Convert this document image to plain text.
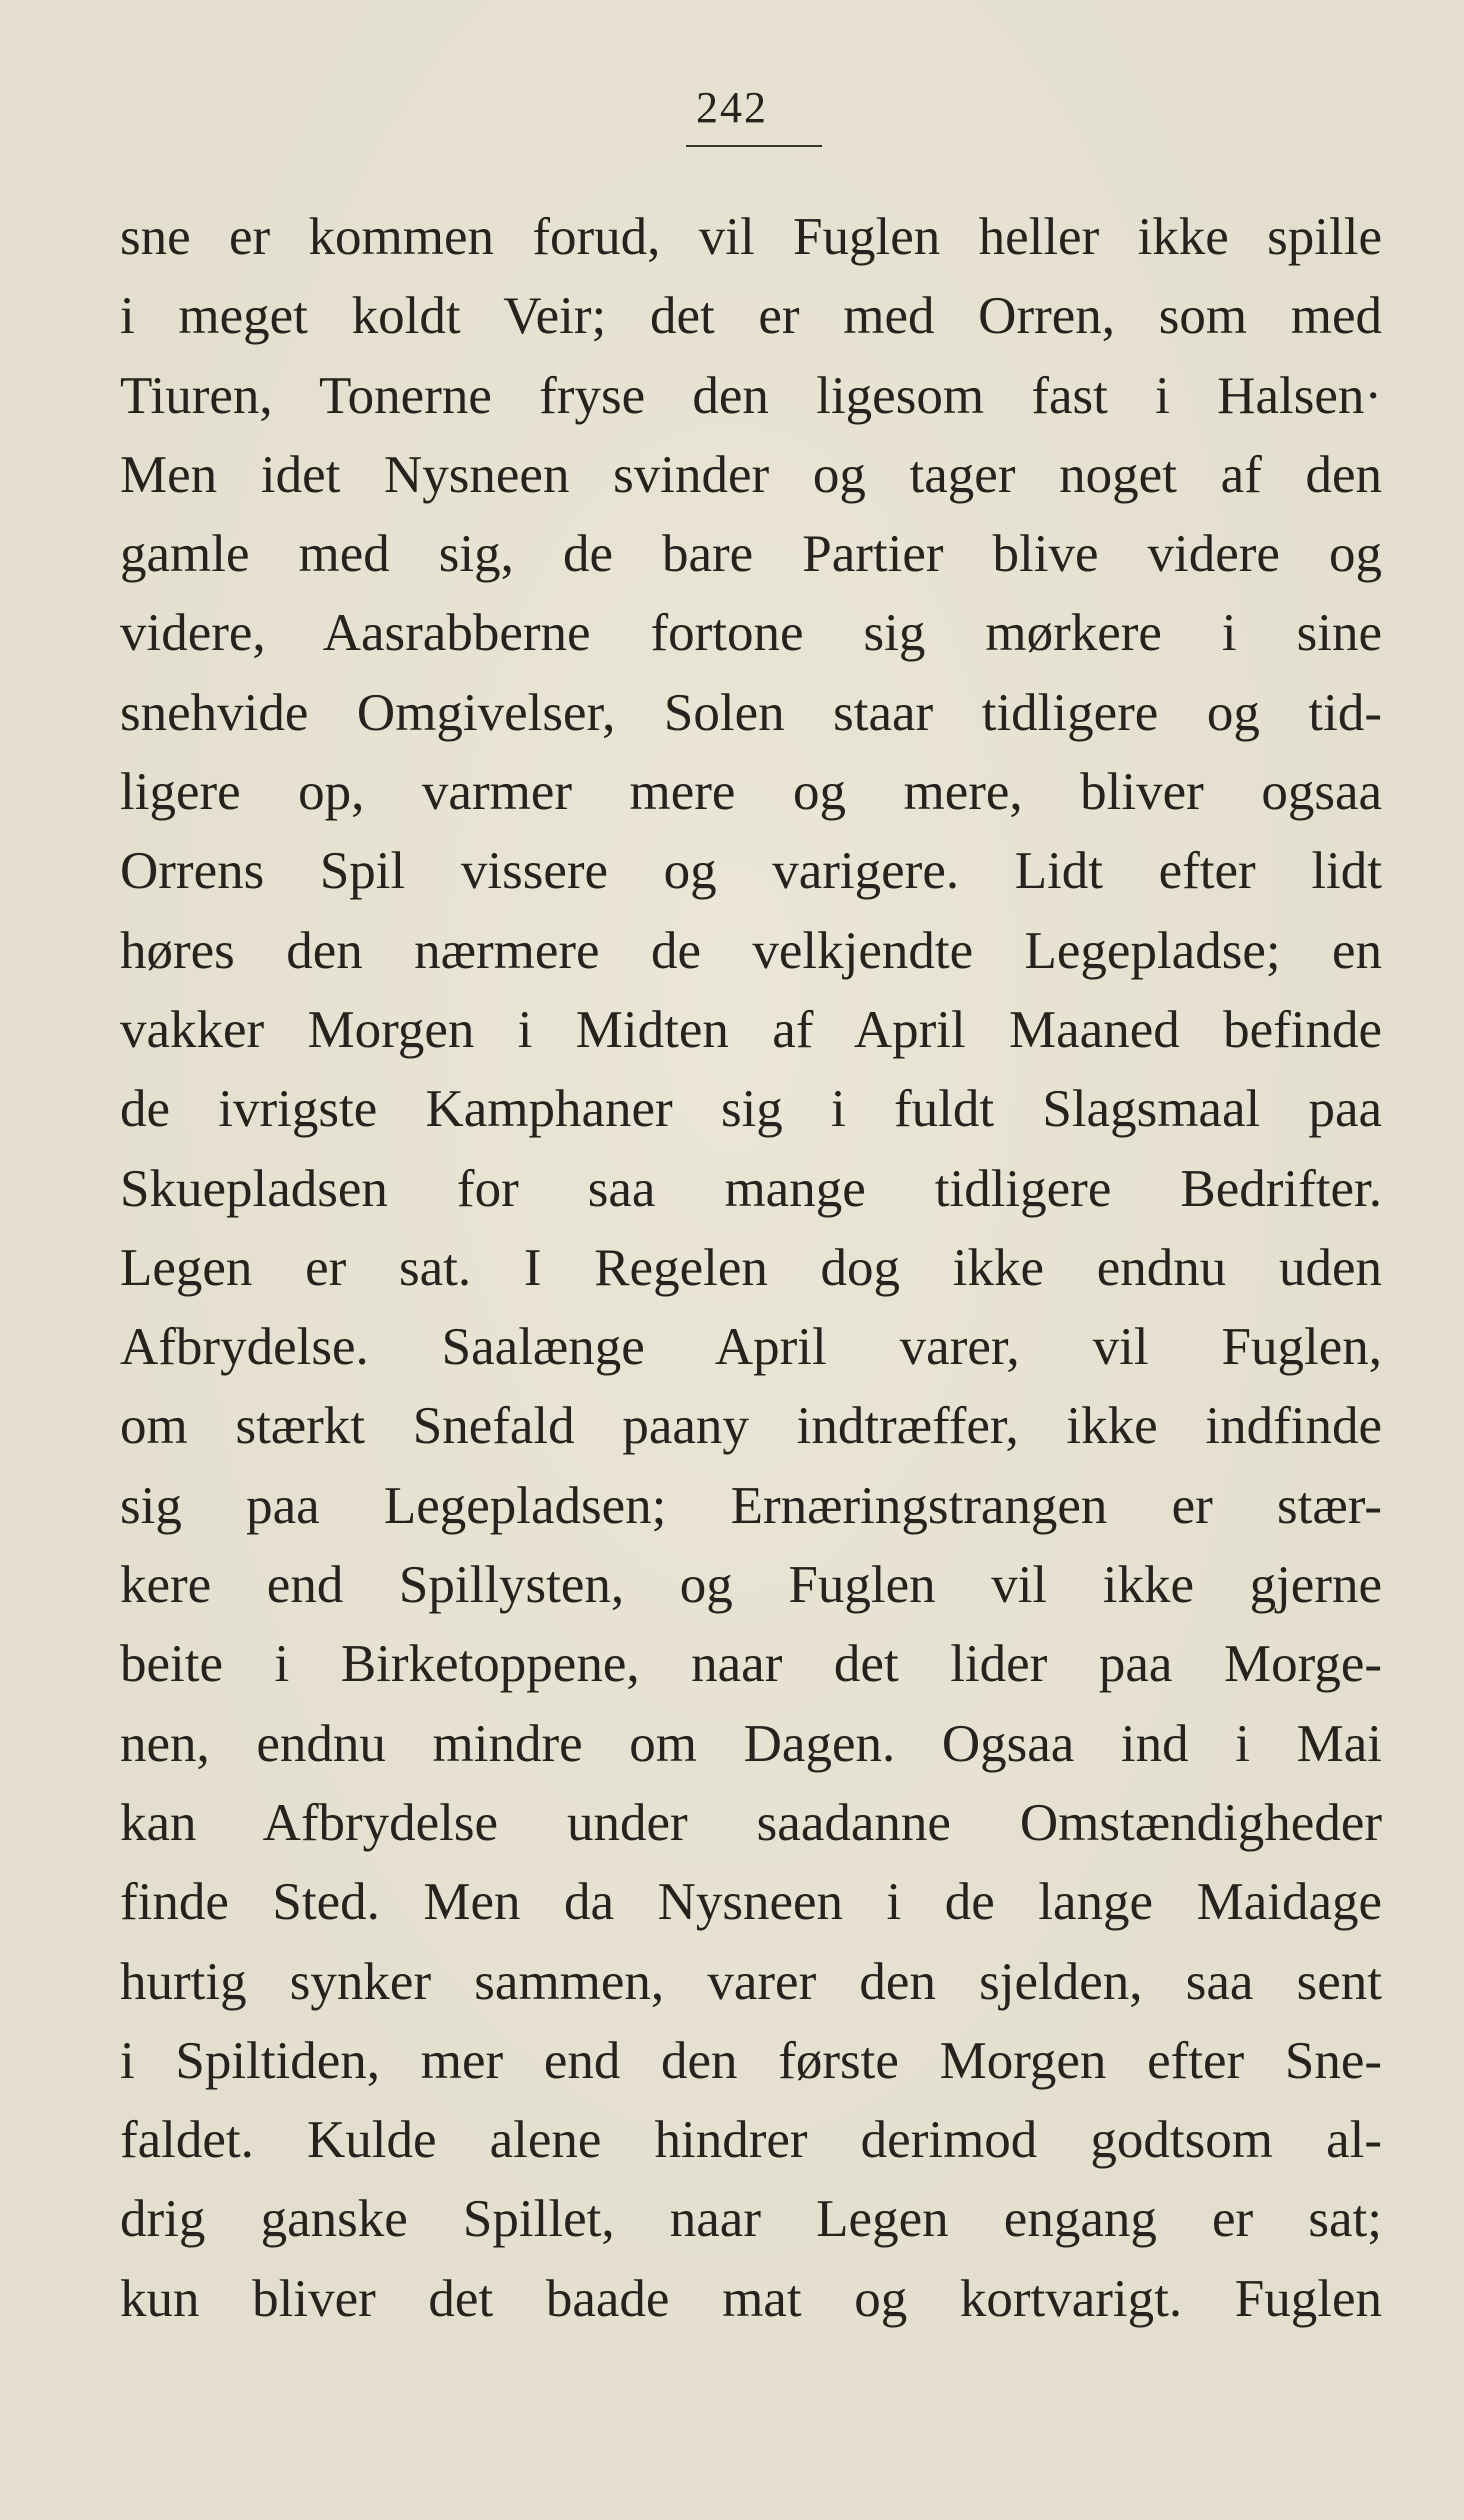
242
sne er kommen forud, vil Fuglen heller ikke spille
i meget koldt Veir; det er med Orren, som med
Tiuren, Tonerne fryse den ligesom fast i Halsen·
Men idet Nysneen svinder og tager noget af den
gamle med sig, de bare Partier blive videre og
videre, Aasrabberne fortone sig mørkere i sine
snehvide Omgivelser, Solen staar tidligere og tid-
ligere op, varmer mere og mere, bliver ogsaa
Orrens Spil vissere og varigere. Lidt efter lidt
høres den nærmere de velkjendte Legepladse; en
vakker Morgen i Midten af April Maaned befinde
de ivrigste Kamphaner sig i fuldt Slagsmaal paa
Skuepladsen for saa mange tidligere Bedrifter.
Legen er sat. I Regelen dog ikke endnu uden
Afbrydelse. Saalænge April varer, vil Fuglen,
om stærkt Snefald paany indtræffer, ikke indfinde
sig paa Legepladsen; Ernæringstrangen er stær-
kere end Spillysten, og Fuglen vil ikke gjerne
beite i Birketoppene, naar det lider paa Morge-
nen, endnu mindre om Dagen. Ogsaa ind i Mai
kan Afbrydelse under saadanne Omstændigheder
finde Sted. Men da Nysneen i de lange Maidage
hurtig synker sammen, varer den sjelden, saa sent
i Spiltiden, mer end den første Morgen efter Sne-
faldet. Kulde alene hindrer derimod godtsom al-
drig ganske Spillet, naar Legen engang er sat;
kun bliver det baade mat og kortvarigt. Fuglen
